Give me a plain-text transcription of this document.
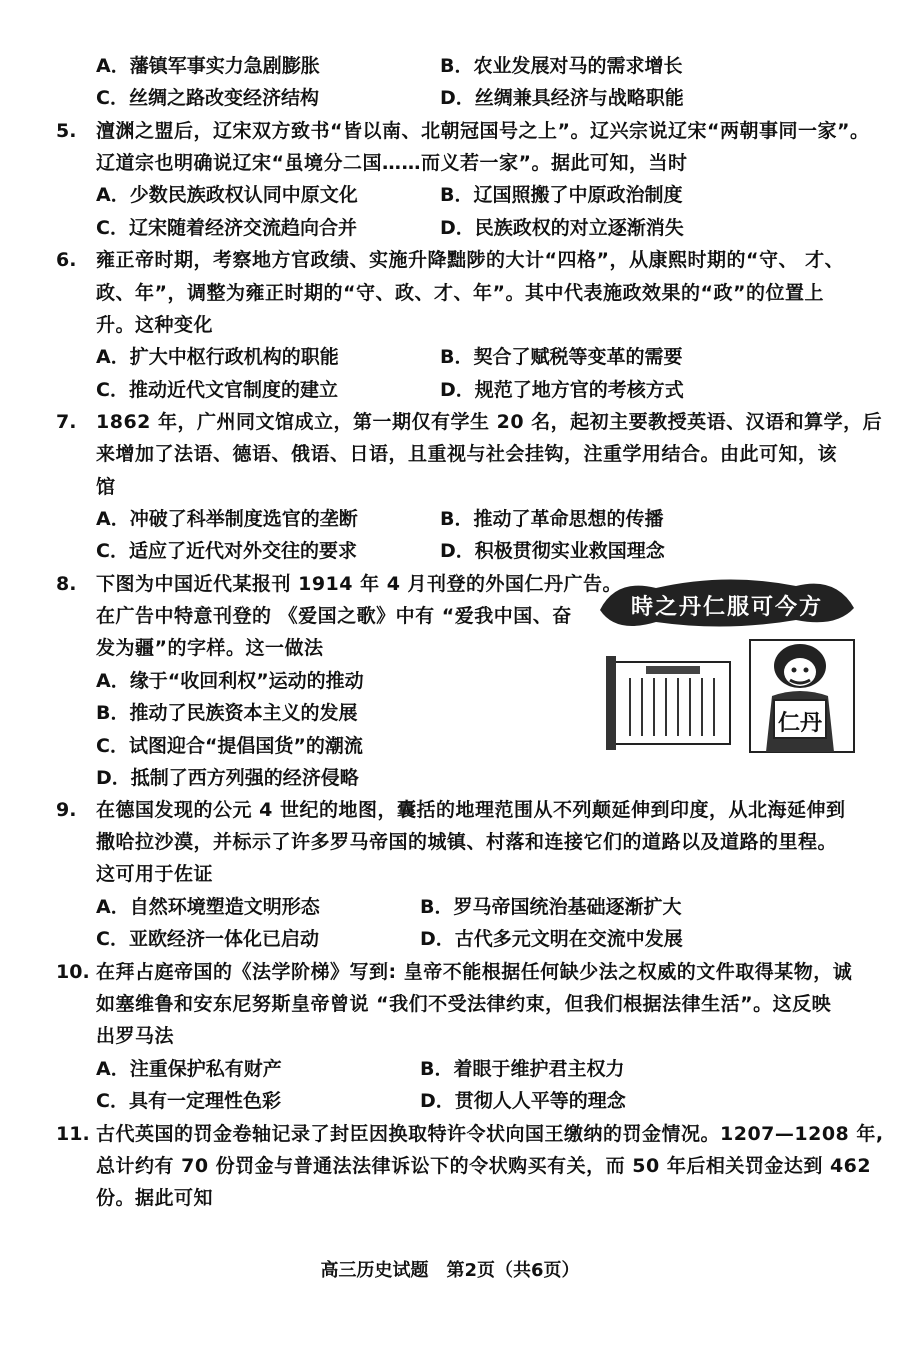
A．藩镇军事实力急剧膨胀	B．农业发展对马的需求增长
C．丝绸之路改变经济结构	D．丝绸兼具经济与战略职能
5. 澶渊之盟后，辽宋双方致书“皆以南、北朝冠国号之上”。辽兴宗说辽宋“两朝事同一家”。
辽道宗也明确说辽宋“虽境分二国……而义若一家”。据此可知，当时
A．少数民族政权认同中原文化	B．辽国照搬了中原政治制度
C．辽宋随着经济交流趋向合并	D．民族政权的对立逐渐消失
6. 雍正帝时期，考察地方官政绩、实施升降黜陟的大计“四格”，从康熙时期的“守、 才、
政、年”，调整为雍正时期的“守、政、才、年”。其中代表施政效果的“政”的位置上
升。这种变化
A．扩大中枢行政机构的职能	B．契合了赋税等变革的需要
C．推动近代文官制度的建立	D．规范了地方官的考核方式
7. 1862 年，广州同文馆成立，第一期仅有学生 20 名，起初主要教授英语、汉语和算学，后
来增加了法语、德语、俄语、日语，且重视与社会挂钩，注重学用结合。由此可知，该
馆
A．冲破了科举制度选官的垄断	B．推动了革命思想的传播
C．适应了近代对外交往的要求	D．积极贯彻实业救国理念
8. 下图为中国近代某报刊 1914 年 4 月刊登的外国仁丹广告。
在广告中特意刊登的 《爱国之歌》中有 “爱我中国、奋
发为疆”的字样。这一做法
A．缘于“收回利权”运动的推动
B．推动了民族资本主义的发展
C．试图迎合“提倡国货”的潮流
D．抵制了西方列强的经济侵略
時之丹仁服可今方
仁丹
9. 在德国发现的公元 4 世纪的地图，囊括的地理范围从不列颠延伸到印度，从北海延伸到
撒哈拉沙漠，并标示了许多罗马帝国的城镇、村落和连接它们的道路以及道路的里程。
这可用于佐证
A．自然环境塑造文明形态	B．罗马帝国统治基础逐渐扩大
C．亚欧经济一体化已启动	D．古代多元文明在交流中发展
10. 在拜占庭帝国的《法学阶梯》写到: 皇帝不能根据任何缺少法之权威的文件取得某物，诚
如塞维鲁和安东尼努斯皇帝曾说 “我们不受法律约束，但我们根据法律生活”。这反映
出罗马法
A．注重保护私有财产	B．着眼于维护君主权力
C．具有一定理性色彩	D．贯彻人人平等的理念
11. 古代英国的罚金卷轴记录了封臣因换取特许令状向国王缴纳的罚金情况。1207—1208 年,
总计约有 70 份罚金与普通法法律诉讼下的令状购买有关，而 50 年后相关罚金达到 462
份。据此可知
高三历史试题　第2页（共6页）
